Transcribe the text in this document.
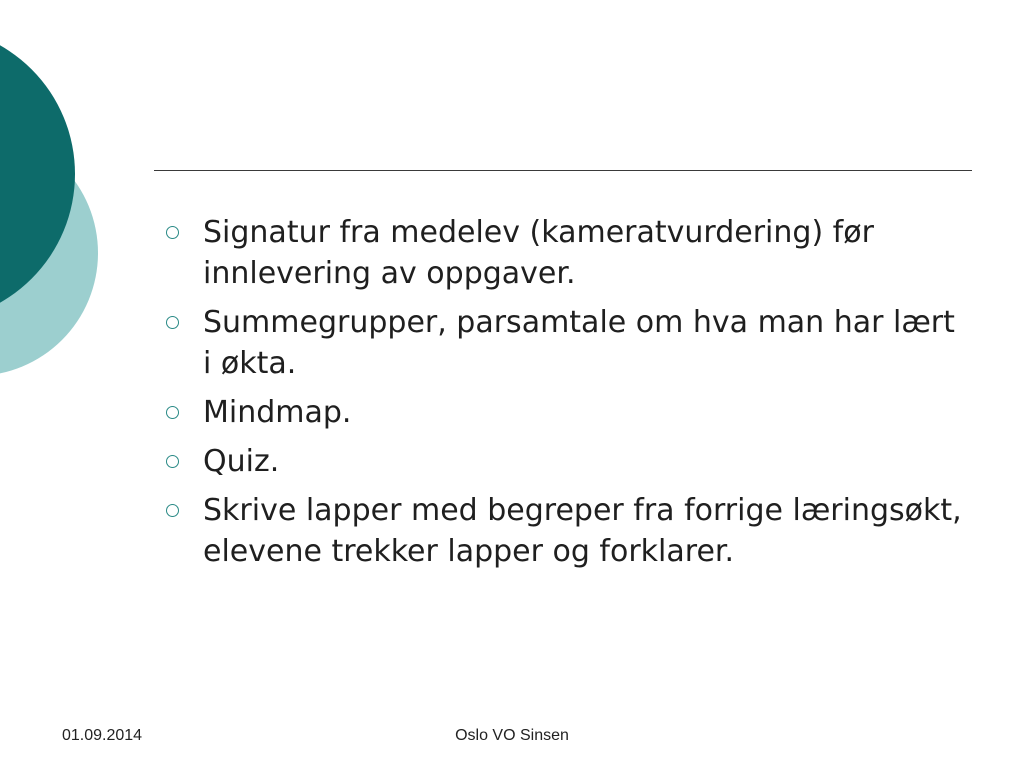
Signatur fra medelev (kameratvurdering) før innlevering av oppgaver.
Summegrupper, parsamtale om hva man har lært i økta.
Mindmap.
Quiz.
Skrive lapper med begreper fra forrige læringsøkt, elevene trekker lapper og forklarer.
01.09.2014	Oslo VO Sinsen
